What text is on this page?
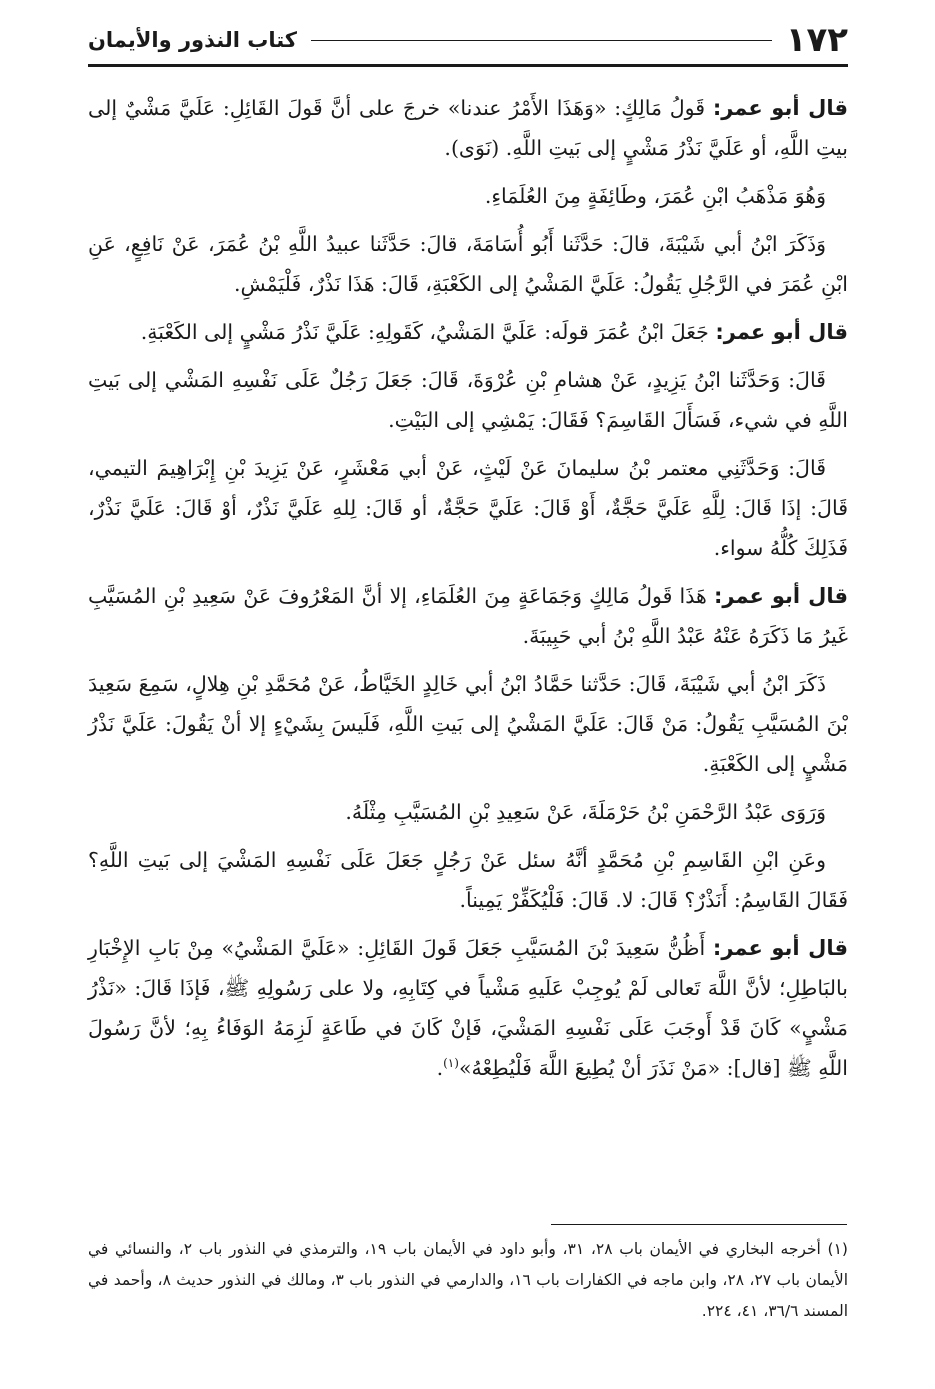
١٧٢
كتاب النذور والأيمان

قال أبو عمر: قَولُ مَالِكٍ: «وَهَذَا الأَمْرُ عندنا» خرجَ على أنَّ قَولَ القَائِلِ: عَلَيَّ مَشْيٌ إلى بيتِ اللَّهِ، أو عَلَيَّ نَذْرُ مَشْيٍ إلى بَيتِ اللَّهِ. (نَوَى).

وَهُوَ مَذْهَبُ ابْنِ عُمَرَ، وطَائِفَةٍ مِنَ العُلَمَاءِ.

وَذَكَرَ ابْنُ أبي شَيْبَةَ، قالَ: حَدَّثَنا أَبُو أُسَامَةَ، قالَ: حَدَّثَنا عبيدُ اللَّهِ بْنُ عُمَرَ، عَنْ نَافِعٍ، عَنِ ابْنِ عُمَرَ في الرَّجُلِ يَقُولُ: عَلَيَّ المَشْيُ إلى الكَعْبَةِ، قَالَ: هَذَا نَذْرٌ، فَلْيَمْشِ.

قال أبو عمر: جَعَلَ ابْنُ عُمَرَ قولَه: عَلَيَّ المَشْيُ، كَقَولِهِ: عَلَيَّ نَذْرُ مَشْيٍ إلى الكَعْبَةِ.

قَالَ: وَحَدَّثَنا ابْنُ يَزِيدٍ، عَنْ هشامِ بْنِ عُرْوَةَ، قَالَ: جَعَلَ رَجُلٌ عَلَى نَفْسِهِ المَشْي إلى بَيتِ اللَّهِ في شيء، فَسَأَلَ القَاسِمَ؟ فَقَالَ: يَمْشِي إلى البَيْتِ.

قَالَ: وَحَدَّثَنِي معتمر بْنُ سليمانَ عَنْ لَيْثٍ، عَنْ أبي مَعْشَرٍ، عَنْ يَزِيدَ بْنِ إِبْرَاهِيمَ التيمي، قَالَ: إذَا قَالَ: لِلَّهِ عَلَيَّ حَجَّةٌ، أَوْ قَالَ: عَلَيَّ حَجَّةٌ، أو قَالَ: لِلهِ عَلَيَّ نَذْرٌ، أوْ قَالَ: عَلَيَّ نَذْرٌ، فَذَلِكَ كُلُّهُ سواء.

قال أبو عمر: هَذَا قَولُ مَالِكٍ وَجَمَاعَةٍ مِنَ العُلَمَاءِ، إلا أنَّ المَعْرُوفَ عَنْ سَعِيدِ بْنِ المُسَيَّبِ غَيرُ مَا ذَكَرَهُ عَنْهُ عَبْدُ اللَّهِ بْنُ أبي حَبِيبَةَ.

ذَكَرَ ابْنُ أبي شَيْبَةَ، قَالَ: حَدَّثنا حَمَّادُ ابْنُ أبي خَالِدٍ الخَيَّاطُ، عَنْ مُحَمَّدِ بْنِ هِلالٍ، سَمِعَ سَعِيدَ بْنَ المُسَيَّبِ يَقُولُ: مَنْ قَالَ: عَلَيَّ المَشْيُ إلى بَيتِ اللَّهِ، فَلَيسَ بِشَيْءٍ إلا أنْ يَقُولَ: عَلَيَّ نَذْرُ مَشْيٍ إلى الكَعْبَةِ.

وَرَوَى عَبْدُ الرَّحْمَنِ بْنُ حَرْمَلَةَ، عَنْ سَعِيدِ بْنِ المُسَيَّبِ مِثْلَهُ.

وعَنِ ابْنِ القَاسِمِ بْنِ مُحَمَّدٍ أنَّهُ سئل عَنْ رَجُلٍ جَعَلَ عَلَى نَفْسِهِ المَشْيَ إلى بَيتِ اللَّهِ؟ فَقَالَ القَاسِمُ: أَنَذْرٌ؟ قَالَ: لا. قَالَ: فَلْيُكَفِّرْ يَمِيناً.

قال أبو عمر: أَظُنُّ سَعِيدَ بْنَ المُسَيَّبِ جَعَلَ قَولَ القَائِلِ: «عَلَيَّ المَشْيُ» مِنْ بَابِ الإِخْبَارِ بالبَاطِلِ؛ لأنَّ اللَّهَ تَعالى لَمْ يُوجِبْ عَلَيهِ مَشْياً في كِتَابِهِ، ولا على رَسُولِهِ ﷺ، فَإذَا قَالَ: «نَذْرُ مَشْيٍ» كَانَ قَدْ أَوجَبَ عَلَى نَفْسِهِ المَشْيَ، فَإنْ كَانَ في طَاعَةٍ لَزِمَهُ الوَفَاءُ بِهِ؛ لأنَّ رَسُولَ اللَّهِ ﷺ [قال]: «مَنْ نَذَرَ أنْ يُطِيعَ اللَّهَ فَلْيُطِعْهُ»$^{(١)}$.

(١) أخرجه البخاري في الأيمان باب ٢٨، ٣١، وأبو داود في الأيمان باب ١٩، والترمذي في النذور باب ٢، والنسائي في الأيمان باب ٢٧، ٢٨، وابن ماجه في الكفارات باب ١٦، والدارمي في النذور باب ٣، ومالك في النذور حديث ٨، وأحمد في المسند ٣٦/٦، ٤١، ٢٢٤.
